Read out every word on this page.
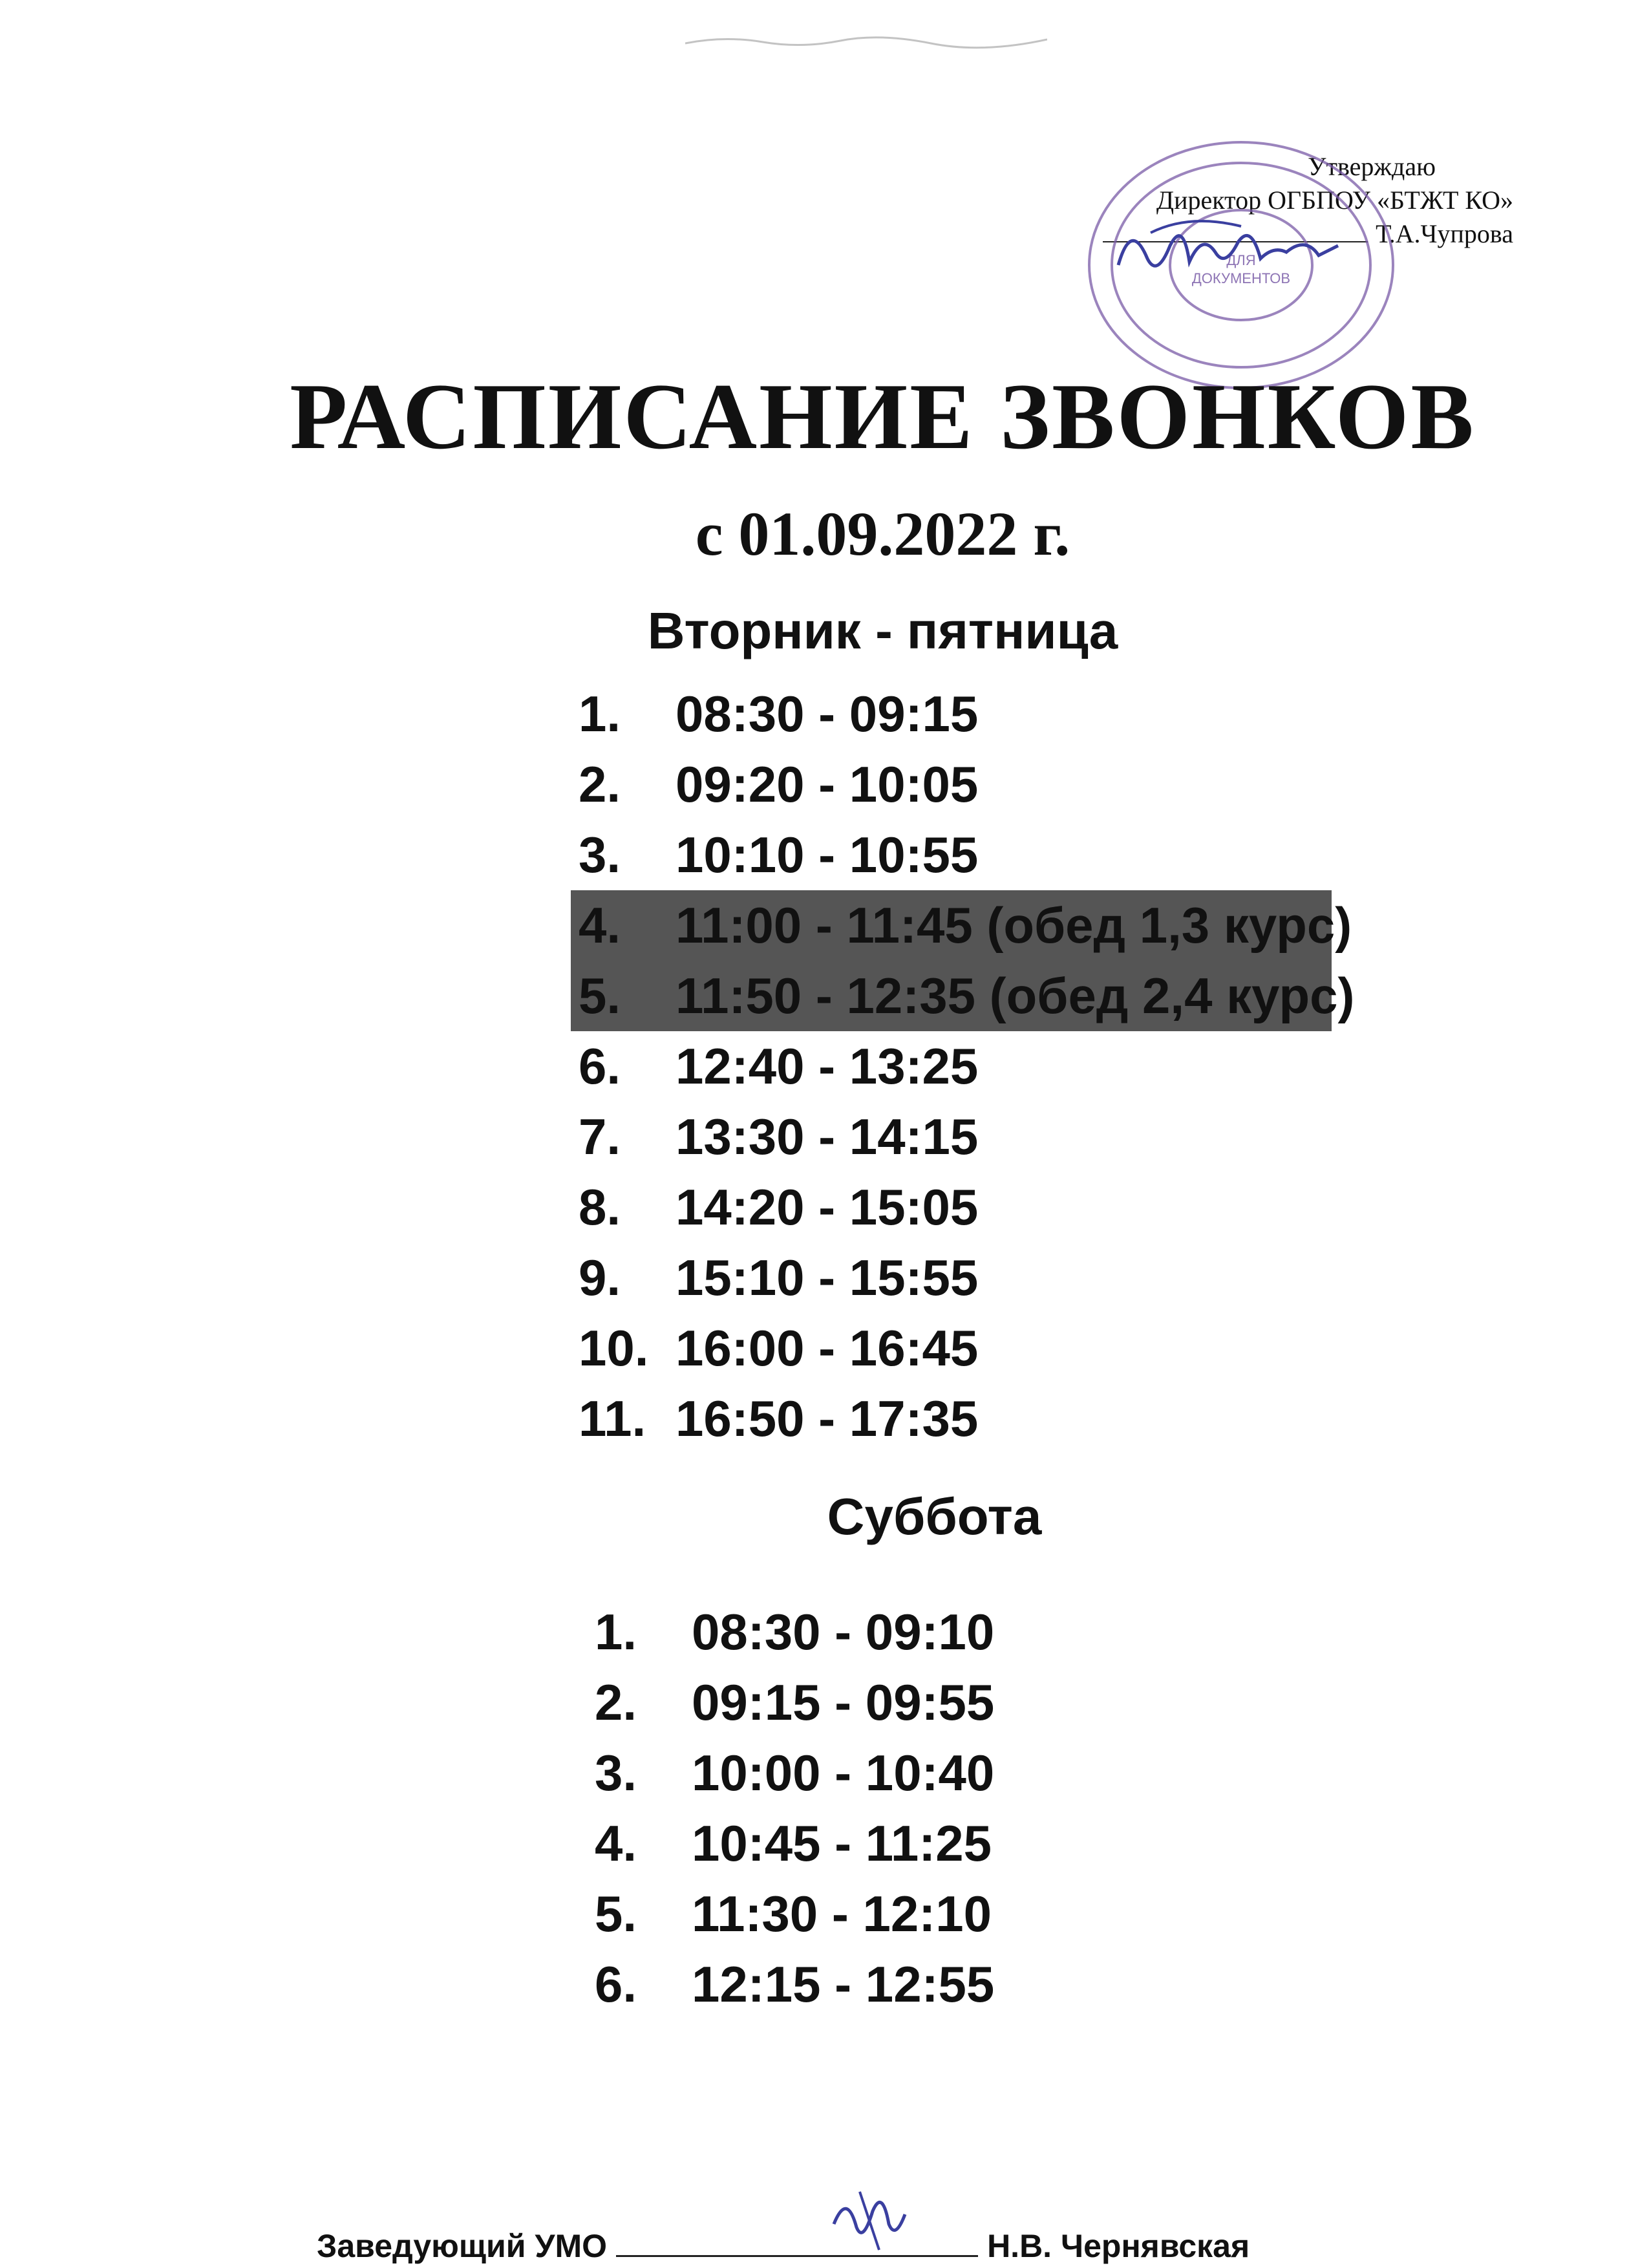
Утверждаю
Директор ОГБПОУ «БТЖТ КО»
Т.А.Чупрова
ДЛЯ
ДОКУМЕНТОВ
РАСПИСАНИЕ ЗВОНКОВ
с 01.09.2022 г.
Вторник - пятница
1. 08:30 - 09:15
2. 09:20 - 10:05
3. 10:10 - 10:55
4. 11:00 - 11:45 (обед 1,3 курс)
5. 11:50 - 12:35 (обед 2,4 курс)
6. 12:40 - 13:25
7. 13:30 - 14:15
8. 14:20 - 15:05
9. 15:10 - 15:55
10. 16:00 - 16:45
11. 16:50 - 17:35
Суббота
1. 08:30 - 09:10
2. 09:15 - 09:55
3. 10:00 - 10:40
4. 10:45 - 11:25
5. 11:30 - 12:10
6. 12:15 - 12:55
Заведующий УМО	Н.В. Чернявская
